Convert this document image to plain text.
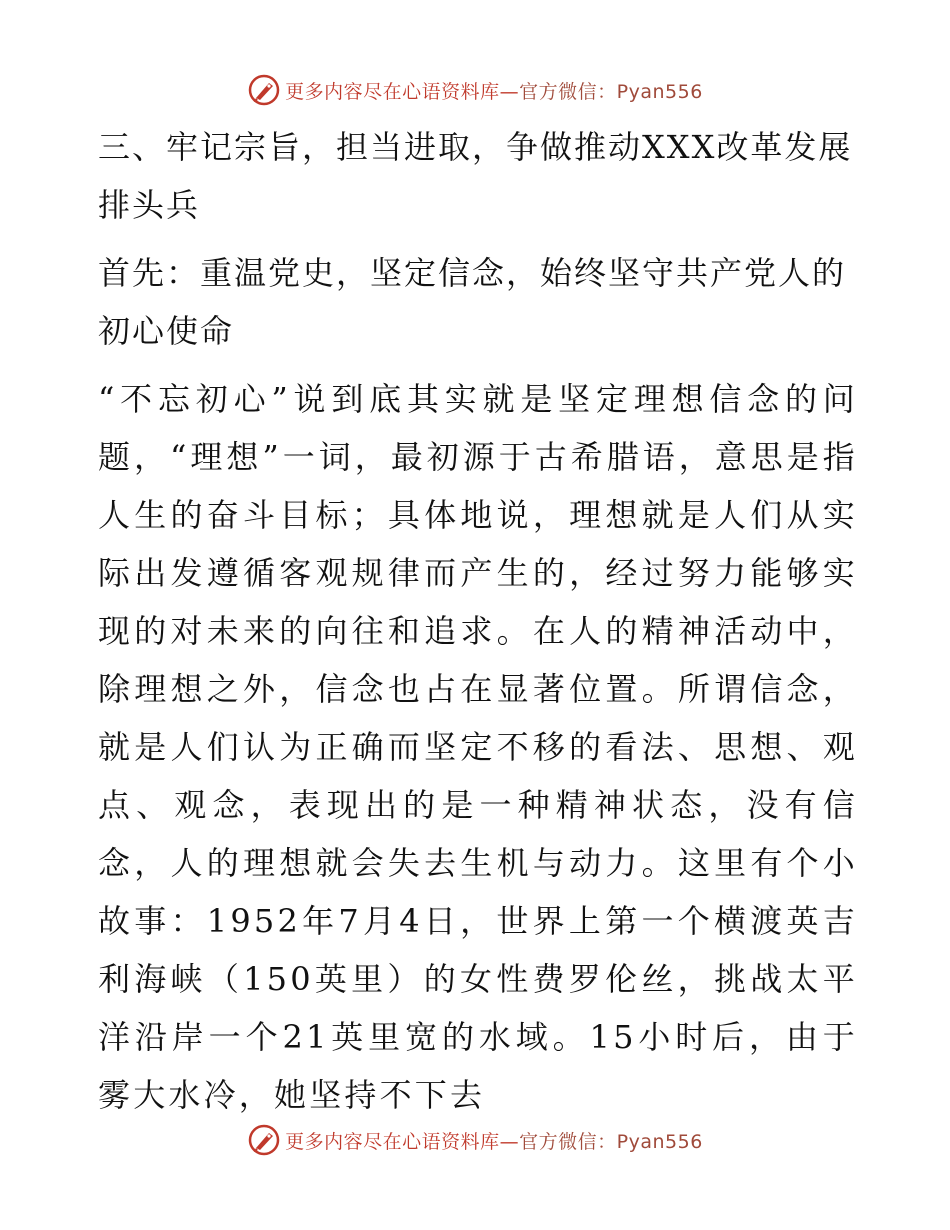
更多内容尽在心语资料库—官方微信：Pyan556

三、牢记宗旨，担当进取，争做推动XXX改革发展排头兵

首先：重温党史，坚定信念，始终坚守共产党人的初心使命

“不忘初心”说到底其实就是坚定理想信念的问题，“理想”一词，最初源于古希腊语，意思是指人生的奋斗目标；具体地说，理想就是人们从实际出发遵循客观规律而产生的，经过努力能够实现的对未来的向往和追求。在人的精神活动中，除理想之外，信念也占在显著位置。所谓信念，就是人们认为正确而坚定不移的看法、思想、观点、观念，表现出的是一种精神状态，没有信念，人的理想就会失去生机与动力。这里有个小故事：1952年7月4日，世界上第一个横渡英吉利海峡（150英里）的女性费罗伦丝，挑战太平洋沿岸一个21英里宽的水域。15小时后，由于雾大水冷，她坚持不下去

更多内容尽在心语资料库—官方微信：Pyan556
